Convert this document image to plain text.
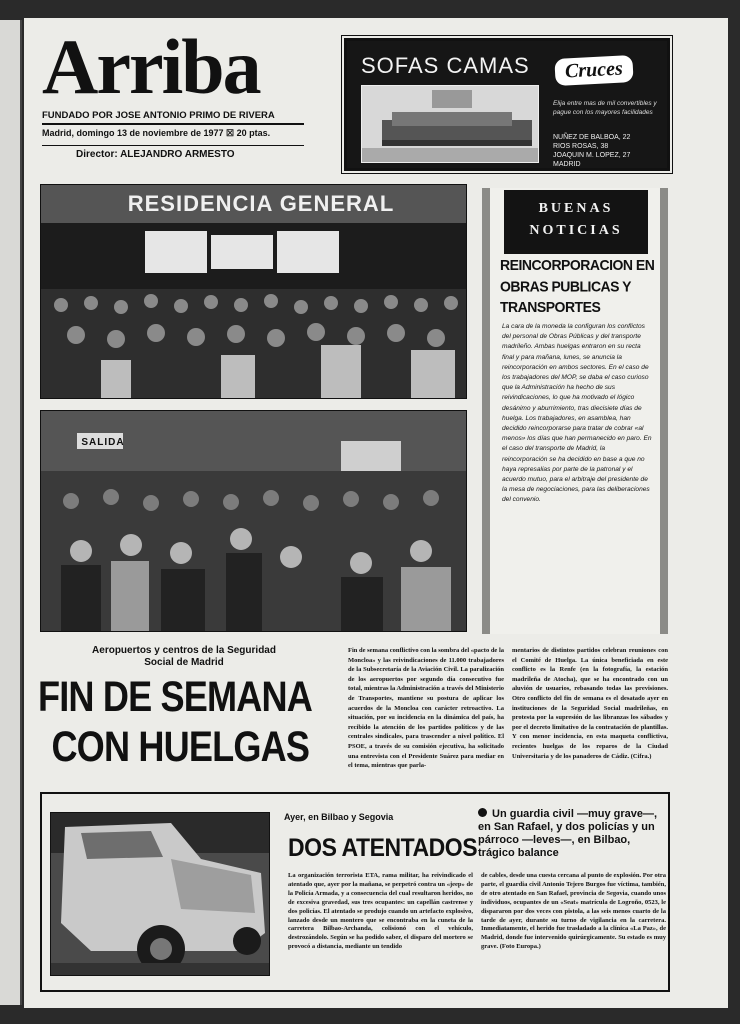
Arriba
FUNDADO POR JOSE ANTONIO PRIMO DE RIVERA
Madrid, domingo 13 de noviembre de 1977 ☒ 20 ptas.
Director: ALEJANDRO ARMESTO
SOFAS CAMAS	Cruces
Elija entre mas de mil convertibles y pague con los mayores facilidades
NUÑEZ DE BALBOA, 22
RIOS ROSAS, 38
JOAQUIN M. LOPEZ, 27
MADRID
RESIDENCIA GENERAL
SALIDA
BUENAS NOTICIAS
REINCORPORACION EN OBRAS PUBLICAS Y TRANSPORTES
La cara de la moneda la configuran los conflictos del personal de Obras Públicas y del transporte madrileño. Ambas huelgas entraron en su recta final y para mañana, lunes, se anuncia la reincorporación en ambos sectores. En el caso de los trabajadores del MOP, se daba el caso curioso que la Administración ha hecho de sus reivindicaciones, lo que ha motivado el lógico desánimo y aburrimiento, tras diecisiete días de huelga. Los trabajadores, en asamblea, han decidido reincorporarse para tratar de cobrar «al menos» los días que han permanecido en paro. En el caso del transporte de Madrid, la reincorporación se ha decidido en base a que no haya represalias por parte de la patronal y el acuerdo mutuo, para el arbitraje del presidente de la mesa de negociaciones, para las deliberaciones del convenio.
Aeropuertos y centros de la Seguridad Social de Madrid
FIN DE SEMANA
CON HUELGAS

Fin de semana conflictivo con la sombra del «pacto de la Moncloa» y las reivindicaciones de 11.000 trabajadores de la Subsecretaría de la Aviación Civil. La paralización de los aeropuertos por segundo día consecutivo fue total, mientras la Administración a través del Ministerio de Transportes, mantiene su postura de aplicar los acuerdos de la Moncloa con carácter retroactivo. La situación, por su incidencia en la dinámica del país, ha recibido la atención de los partidos políticos y de las centrales sindicales, para trascender a nivel político. El PSOE, a través de su comisión ejecutiva, ha solicitado una entrevista con el Presidente Suárez para mediar en el tema, mientras que parla-

mentarios de distintos partidos celebran reuniones con el Comité de Huelga. La única beneficiada en este conflicto es la Renfe (en la fotografía, la estación madrileña de Atocha), que se ha encontrado con un aluvión de usuarios, rebasando todas las previsiones. Otro conflicto del fin de semana es el desatado ayer en instituciones de la Seguridad Social madrileñas, en protesta por la supresión de las libranzas los sábados y por el decreto limitativo de la contratación de plantillas. Y con menor incidencia, en esta maqueta conflictiva, recientes huelgas de los reparos de la Ciudad Universitaria y de los panaderos de Cádiz. (Cifra.)

Ayer, en Bilbao y Segovia
DOS ATENTADOS
Un guardia civil —muy grave—, en San Rafael, y dos policías y un párroco —leves—, en Bilbao, trágico balance

La organización terrorista ETA, rama militar, ha reivindicado el atentado que, ayer por la mañana, se perpetró contra un «jeep» de la Policía Armada, y a consecuencia del cual resultaron heridos, no de excesiva gravedad, sus tres ocupantes: un capellán castrense y dos policías. El atentado se produjo cuando un artefacto explosivo, lanzado desde un montero que se encontraba en la cuneta de la carretera Bilbao-Archanda, colisionó con el vehículo, destrozándolo. Según se ha podido saber, el disparo del mortero se provocó a distancia, mediante un tendido

de cables, desde una cuesta cercana al punto de explosión. Por otra parte, el guardia civil Antonio Tejero Burgos fue víctima, también, de otro atentado en San Rafael, provincia de Segovia, cuando unos individuos, ocupantes de un «Seat» matrícula de Logroño, 0523, le dispararon por dos veces con pistola, a las seis menos cuarto de la tarde de ayer, durante su turno de vigilancia en la carretera. Inmediatamente, el herido fue trasladado a la clínica «La Paz», de Madrid, donde fue intervenido quirúrgicamente. Su estado es muy grave. (Foto Europa.)
